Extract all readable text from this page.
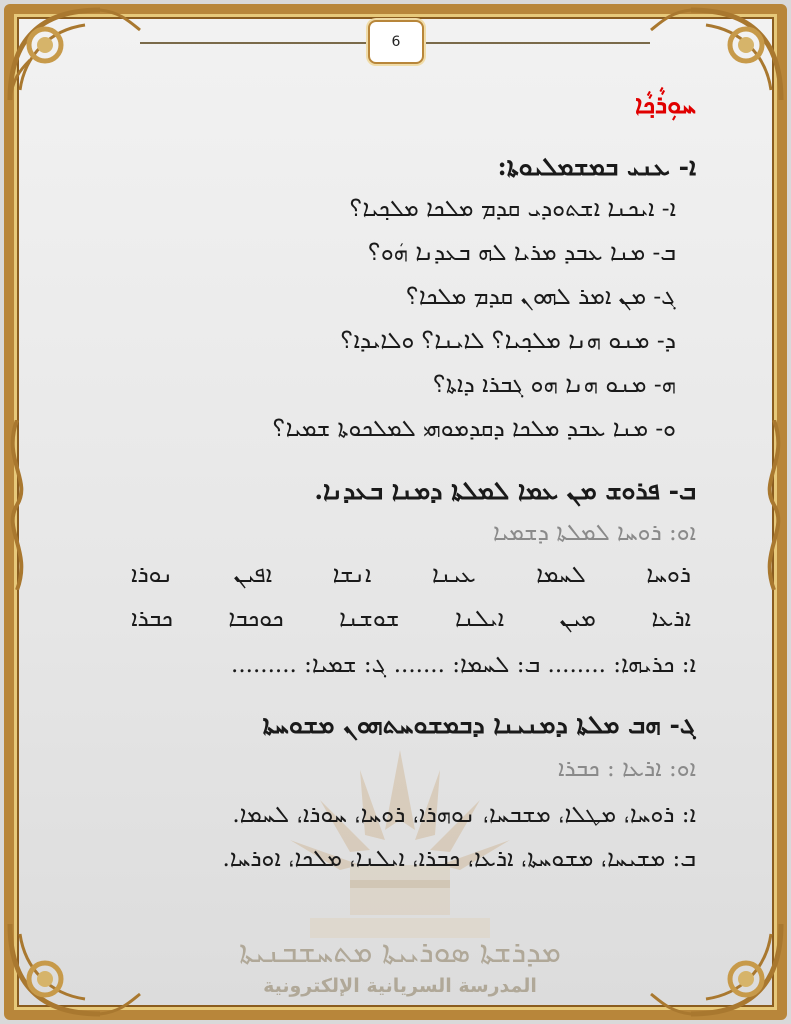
6
ܡܕܪܫܬܐ ܣܘܪܝܝܬܐ ܡܬܚܫܒܢܝܬܐ
المدرسة السريانية الإلكترونية
ܚܘܼܪܵܟ݂ܵܐ
ܐ- ܥܢܝ ܒܡܫܡܠܝܘܬܐ:
ܐ- ܐܝܟܢܐ ܐܫܬܘܕܝ ܩܕܡ ܡܠܟܐ ܡܠܟ݂ܝܐ؟
ܒ- ܡܢܐ ܥܒܕ ܡܪܝܐ ܠܗ ܒܥܕܢܐ ܗܿܘ؟
ܓ- ܡܢ ܐܡܪ ܠܗܘܢ ܩܕܡ ܡܠܟܐ؟
ܕ- ܡܢܘ ܗܢܐ ܡܠܟ݂ܝܐ؟ ܠܐܝܢܐ؟ ܘܠܐܝܕܐ؟
ܗ- ܡܢܘ ܗܢܐ ܗܘ ܓܒܪܐ ܕܐܬܐ؟
ܘ- ܡܢܐ ܥܒܕ ܡܠܟܐ ܕܩܕܡܘܗܝ ܠܡܠܟܘܬܐ ܫܡܝܐ؟
ܒ- ܦܪܘܫ ܡܢ ܥܡܐ ܠܡܠܬܐ ܕܡܢܐ ܒܥܕܢܐ.
ܐܘ: ܪܘܚܐ ܠܡܠܬܐ ܕܫܡܝܐ
ܪܘܚܐ
ܠܚܡܐ
ܥܝܢܐ
ܐܢܫܐ
ܐܦܝܢ
ܢܘܪܐ
ܐܪܥܐ
ܡܝܢ
ܐܝܠܢܐ
ܫܘܫܢܐ
ܟܘܟܒܐ
ܟܒܪܐ
ܐ: ܟܪܝܗܐ: ........ ܒ: ܠܚܡܐ: ....... ܓ: ܫܡܝܐ: .........
ܓ- ܗܒ ܡܠܬܐ ܕܡܢܝܢܐ ܕܒܡܫܘܚܬܗܘܢ ܡܫܘܚܬܐ
ܐܘ: ܐܪܥܐ : ܟܒܪܐ
ܐ: ܪܘܚܐ، ܡܛܠܐ، ܡܫܒܚܐ، ܢܘܗܪܐ، ܪܘܚܐ، ܚܘܪܐ، ܠܚܡܐ.
ܒ: ܡܫܝܚܐ، ܡܫܘܚܬܐ، ܐܪܥܐ، ܟܒܪܐ، ܐܝܠܢܐ، ܡܠܟܐ، ܐܘܪܚܐ.
